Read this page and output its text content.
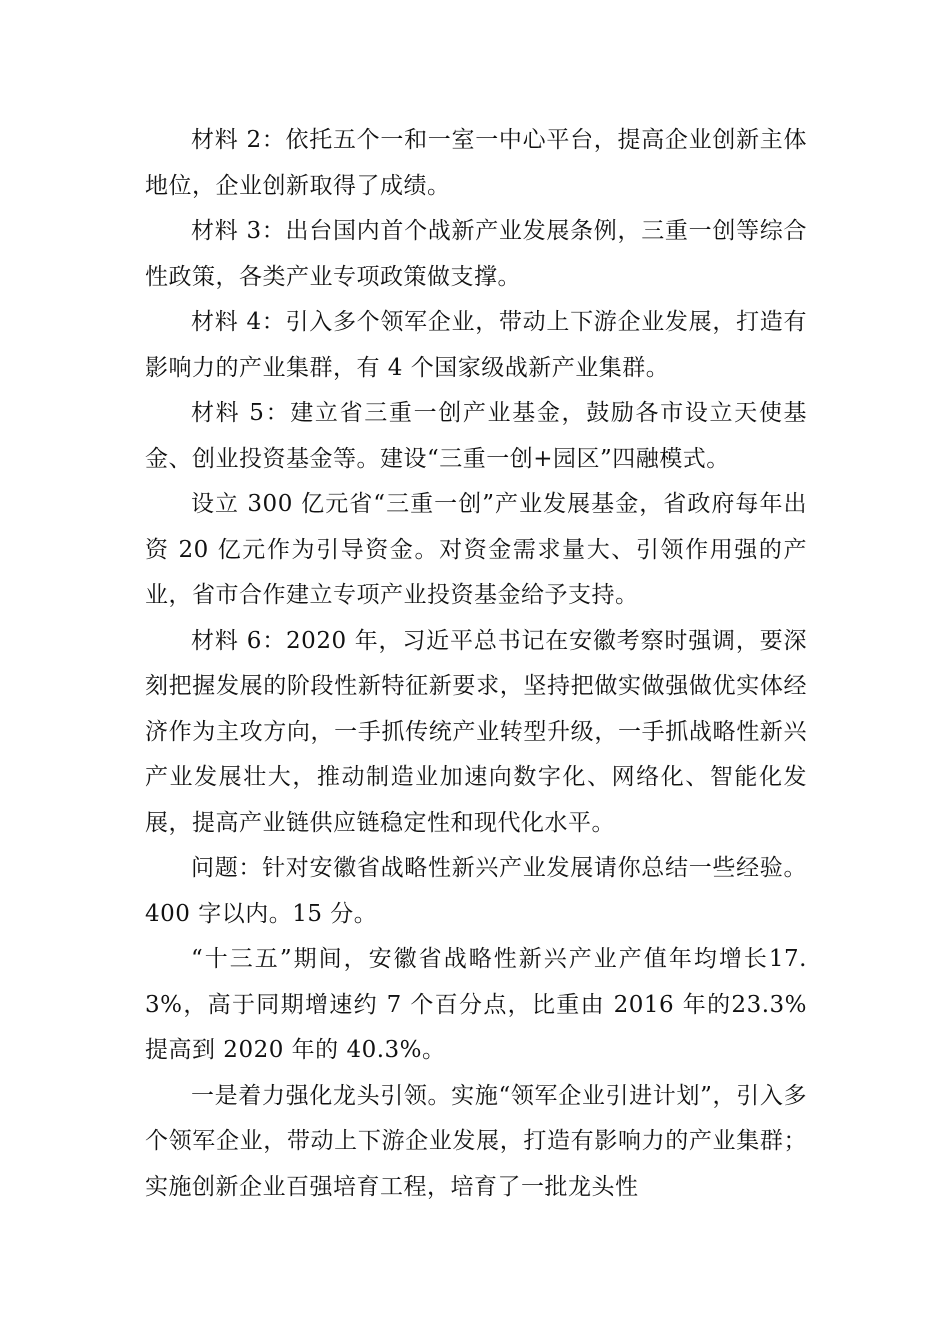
材料 2：依托五个一和一室一中心平台，提高企业创新主体地位，企业创新取得了成绩。

材料 3：出台国内首个战新产业发展条例，三重一创等综合性政策，各类产业专项政策做支撑。

材料 4：引入多个领军企业，带动上下游企业发展，打造有影响力的产业集群，有 4 个国家级战新产业集群。

材料 5：建立省三重一创产业基金，鼓励各市设立天使基金、创业投资基金等。建设“三重一创+园区”四融模式。

设立 300 亿元省“三重一创”产业发展基金，省政府每年出资 20 亿元作为引导资金。对资金需求量大、引领作用强的产业，省市合作建立专项产业投资基金给予支持。

材料 6：2020 年，习近平总书记在安徽考察时强调，要深刻把握发展的阶段性新特征新要求，坚持把做实做强做优实体经济作为主攻方向，一手抓传统产业转型升级，一手抓战略性新兴产业发展壮大，推动制造业加速向数字化、网络化、智能化发展，提高产业链供应链稳定性和现代化水平。

问题：针对安徽省战略性新兴产业发展请你总结一些经验。400 字以内。15 分。

“十三五”期间，安徽省战略性新兴产业产值年均增长17.3%，高于同期增速约 7 个百分点，比重由 2016 年的23.3%提高到 2020 年的 40.3%。

一是着力强化龙头引领。实施“领军企业引进计划”，引入多个领军企业，带动上下游企业发展，打造有影响力的产业集群；实施创新企业百强培育工程，培育了一批龙头性
